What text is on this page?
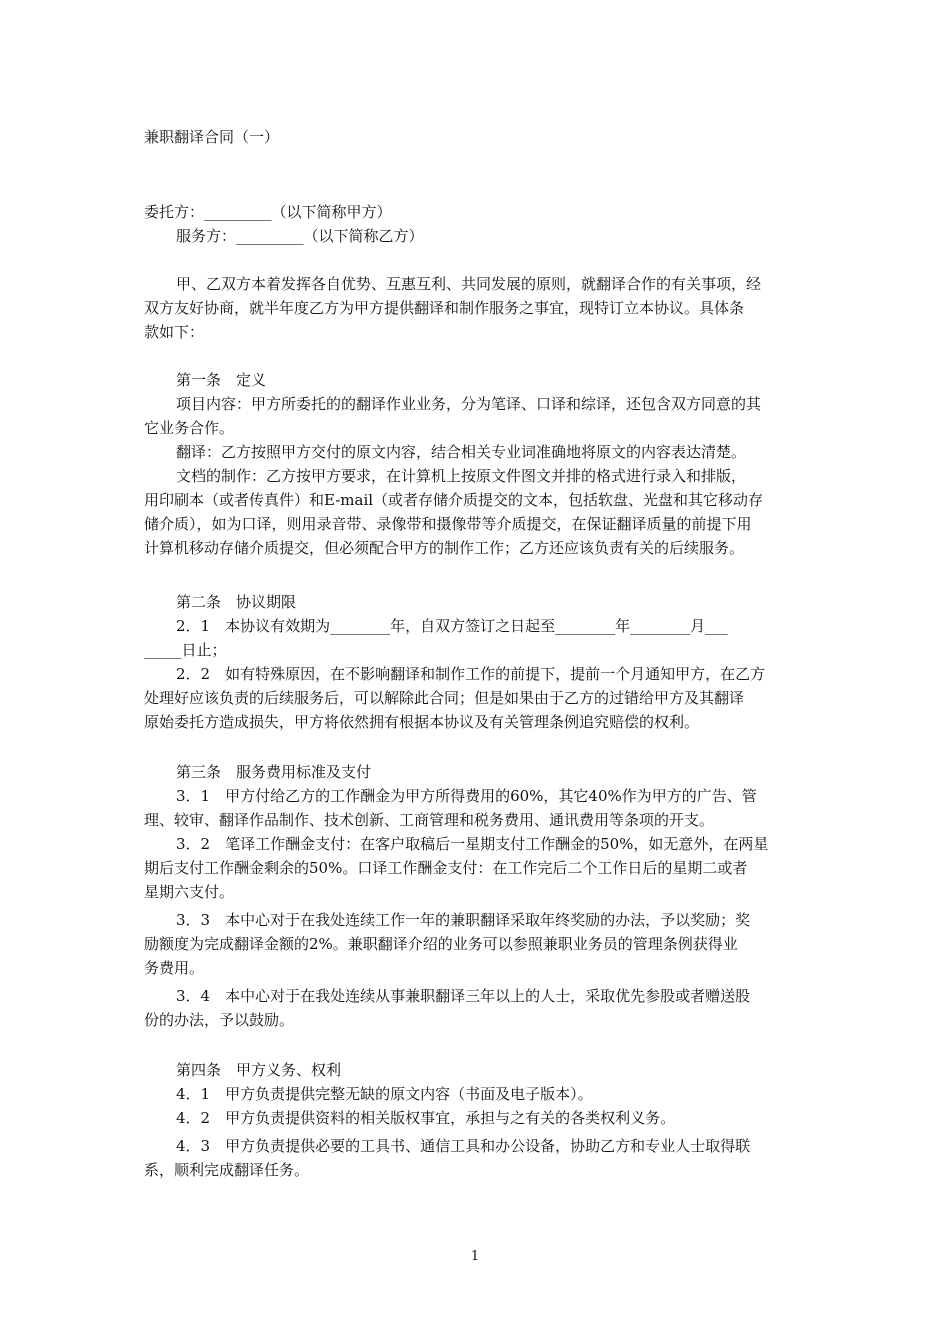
兼职翻译合同（一）
委托方：_________（以下简称甲方）
服务方：_________（以下简称乙方）
甲、乙双方本着发挥各自优势、互惠互利、共同发展的原则，就翻译合作的有关事项，经
双方友好协商，就半年度乙方为甲方提供翻译和制作服务之事宜，现特订立本协议。具体条
款如下：
第一条　定义
项目内容：甲方所委托的的翻译作业业务，分为笔译、口译和综译，还包含双方同意的其
它业务合作。
翻译：乙方按照甲方交付的原文内容，结合相关专业词准确地将原文的内容表达清楚。
文档的制作：乙方按甲方要求，在计算机上按原文件图文并排的格式进行录入和排版，
用印刷本（或者传真件）和E-mail（或者存储介质提交的文本，包括软盘、光盘和其它移动存
储介质），如为口译，则用录音带、录像带和摄像带等介质提交，在保证翻译质量的前提下用
计算机移动存储介质提交，但必须配合甲方的制作工作；乙方还应该负责有关的后续服务。
第二条　协议期限
2．1　本协议有效期为________年，自双方签订之日起至________年________月___
_____日止；
2．2　如有特殊原因，在不影响翻译和制作工作的前提下，提前一个月通知甲方，在乙方
处理好应该负责的后续服务后，可以解除此合同；但是如果由于乙方的过错给甲方及其翻译
原始委托方造成损失，甲方将依然拥有根据本协议及有关管理条例追究赔偿的权利。
第三条　服务费用标准及支付
3．1　甲方付给乙方的工作酬金为甲方所得费用的60%，其它40%作为甲方的广告、管
理、较审、翻译作品制作、技术创新、工商管理和税务费用、通讯费用等条项的开支。
3．2　笔译工作酬金支付：在客户取稿后一星期支付工作酬金的50%，如无意外，在两星
期后支付工作酬金剩余的50%。口译工作酬金支付：在工作完后二个工作日后的星期二或者
星期六支付。
3．3　本中心对于在我处连续工作一年的兼职翻译采取年终奖励的办法，予以奖励；奖
励额度为完成翻译金额的2%。兼职翻译介绍的业务可以参照兼职业务员的管理条例获得业
务费用。
3．4　本中心对于在我处连续从事兼职翻译三年以上的人士，采取优先参股或者赠送股
份的办法，予以鼓励。
第四条　甲方义务、权利
4．1　甲方负责提供完整无缺的原文内容（书面及电子版本）。
4．2　甲方负责提供资料的相关版权事宜，承担与之有关的各类权利义务。
4．3　甲方负责提供必要的工具书、通信工具和办公设备，协助乙方和专业人士取得联
系，顺利完成翻译任务。
1
